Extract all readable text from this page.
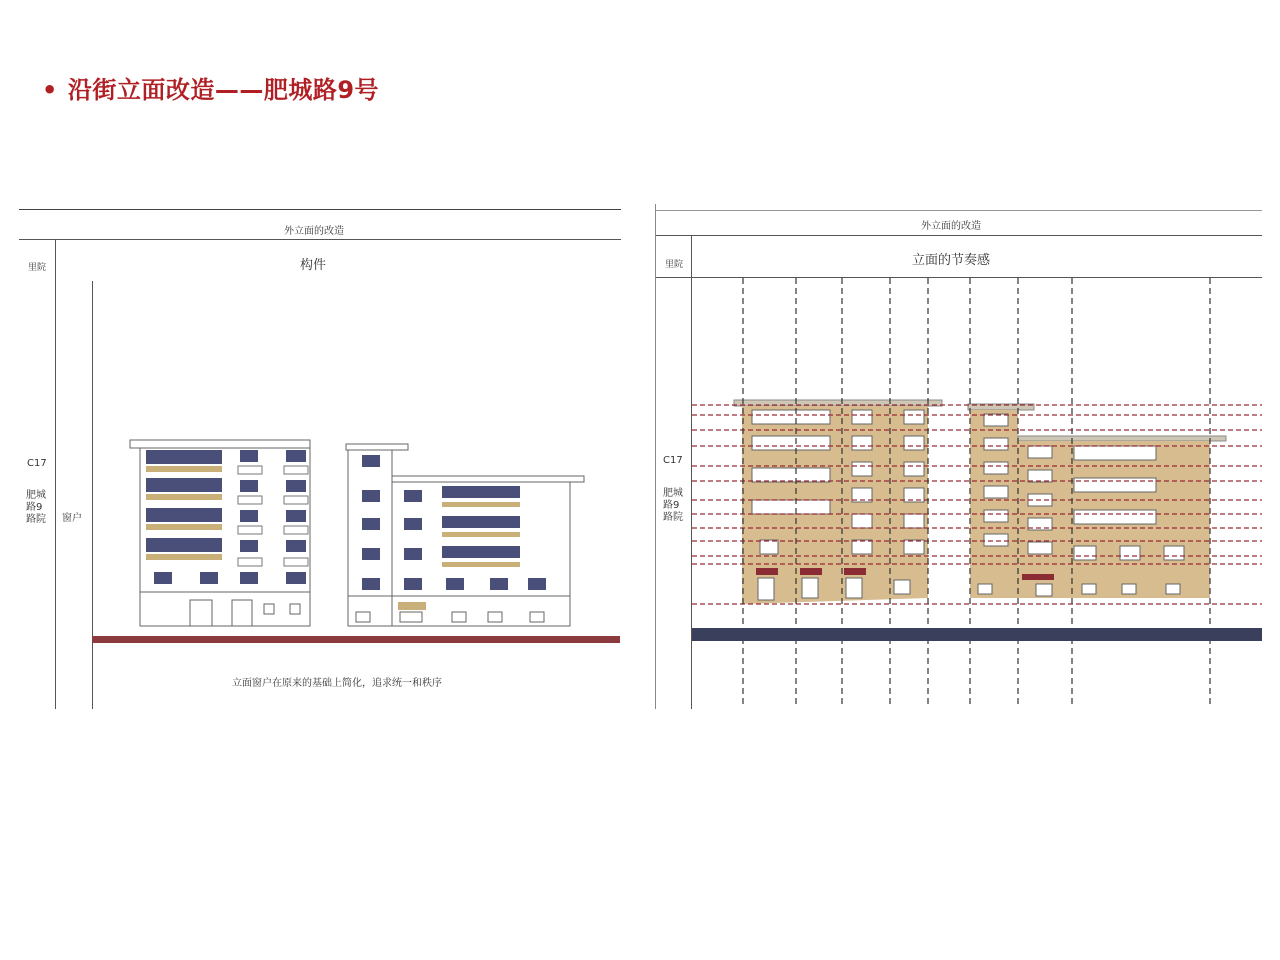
• 沿街立面改造——肥城路9号
外立面的改造
里院	构件
C17
肥城路9路院	窗户
立面窗户在原来的基础上简化，追求统一和秩序
外立面的改造
里院	立面的节奏感
C17
肥城路9路院
